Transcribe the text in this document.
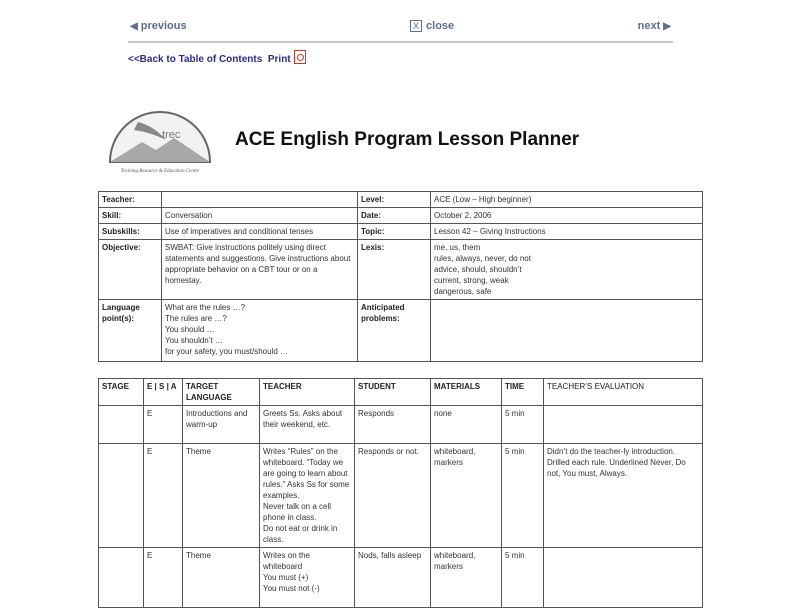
◀ previous	X close	next ▶
<<Back to Table of Contents Print
trec
Training Resource & Education Centre
ACE English Program Lesson Planner
Teacher:		Level:	ACE (Low – High beginner)
Skill:	Conversation	Date:	October 2, 2006
Subskills:	Use of imperatives and conditional tenses	Topic:	Lesson 42 – Giving Instructions
Objective:	SWBAT: Give instructions politely using direct statements and suggestions. Give instructions about appropriate behavior on a CBT tour or on a homestay.	Lexis:	me, us, them
rules, always, never, do not
advice, should, shouldn’t
current, strong, weak
dangerous, safe

Language point(s):	What are the rules …?
The rules are …?
You should …
You shouldn’t …
for your safety, you must/should …	Anticipated problems:	
STAGE	E | S | A	TARGET LANGUAGE	TEACHER	STUDENT	MATERIALS	TIME	TEACHER’S EVALUATION
	E	Introductions and warm-up	Greets Ss. Asks about their weekend, etc.	Responds	none	5 min	
	E	Theme	Writes “Rules” on the whiteboard. “Today we are going to learn about rules.” Asks Ss for some examples.
Never talk on a cell phone in class.
Do not eat or drink in class.	Responds or not.	whiteboard, markers	5 min	Didn’t do the teacher-ly introduction. Drilled each rule. Underlined Never, Do not, You must, Always.
	E	Theme	Writes on the whiteboard
You must (+)
You must not (-)	Nods, falls asleep	whiteboard, markers	5 min	
